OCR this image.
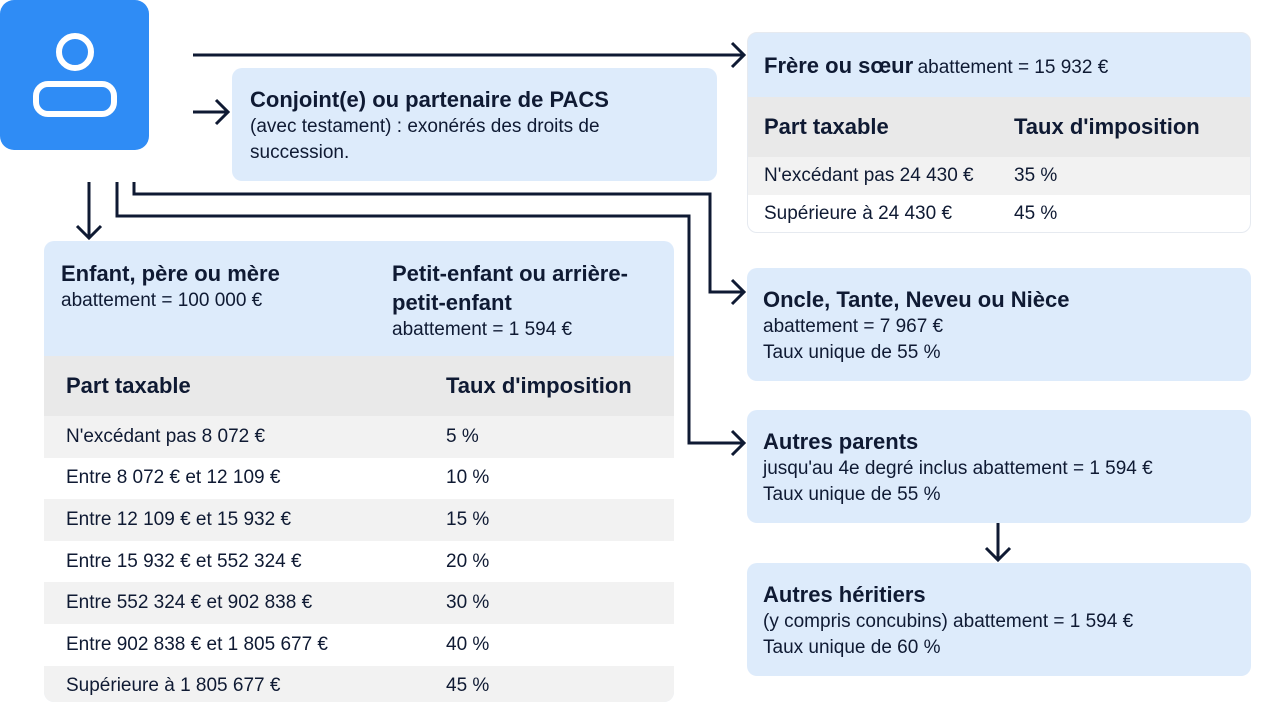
Conjoint(e) ou partenaire de PACS
(avec testament) : exonérés des droits de succession.
Enfant, père ou mère
abattement = 100 000 €
Petit-enfant ou arrière-petit-enfant
abattement = 1 594 €
Part taxable	Taux d'imposition
N'excédant pas 8 072 €	5 %
Entre 8 072 € et 12 109 €	10 %
Entre 12 109 € et 15 932 €	15 %
Entre 15 932 € et 552 324 €	20 %
Entre 552 324 € et 902 838 €	30 %
Entre 902 838 € et 1 805 677 €	40 %
Supérieure à 1 805 677 €	45 %
Frère ou sœur abattement = 15 932 €
Part taxable	Taux d'imposition
N'excédant pas 24 430 €	35 %
Supérieure à 24 430 €	45 %
Oncle, Tante, Neveu ou Nièce
abattement = 7 967 €
Taux unique de 55 %
Autres parents
jusqu'au 4e degré inclus abattement = 1 594 €
Taux unique de 55 %
Autres héritiers
(y compris concubins) abattement = 1 594 €
Taux unique de 60 %
